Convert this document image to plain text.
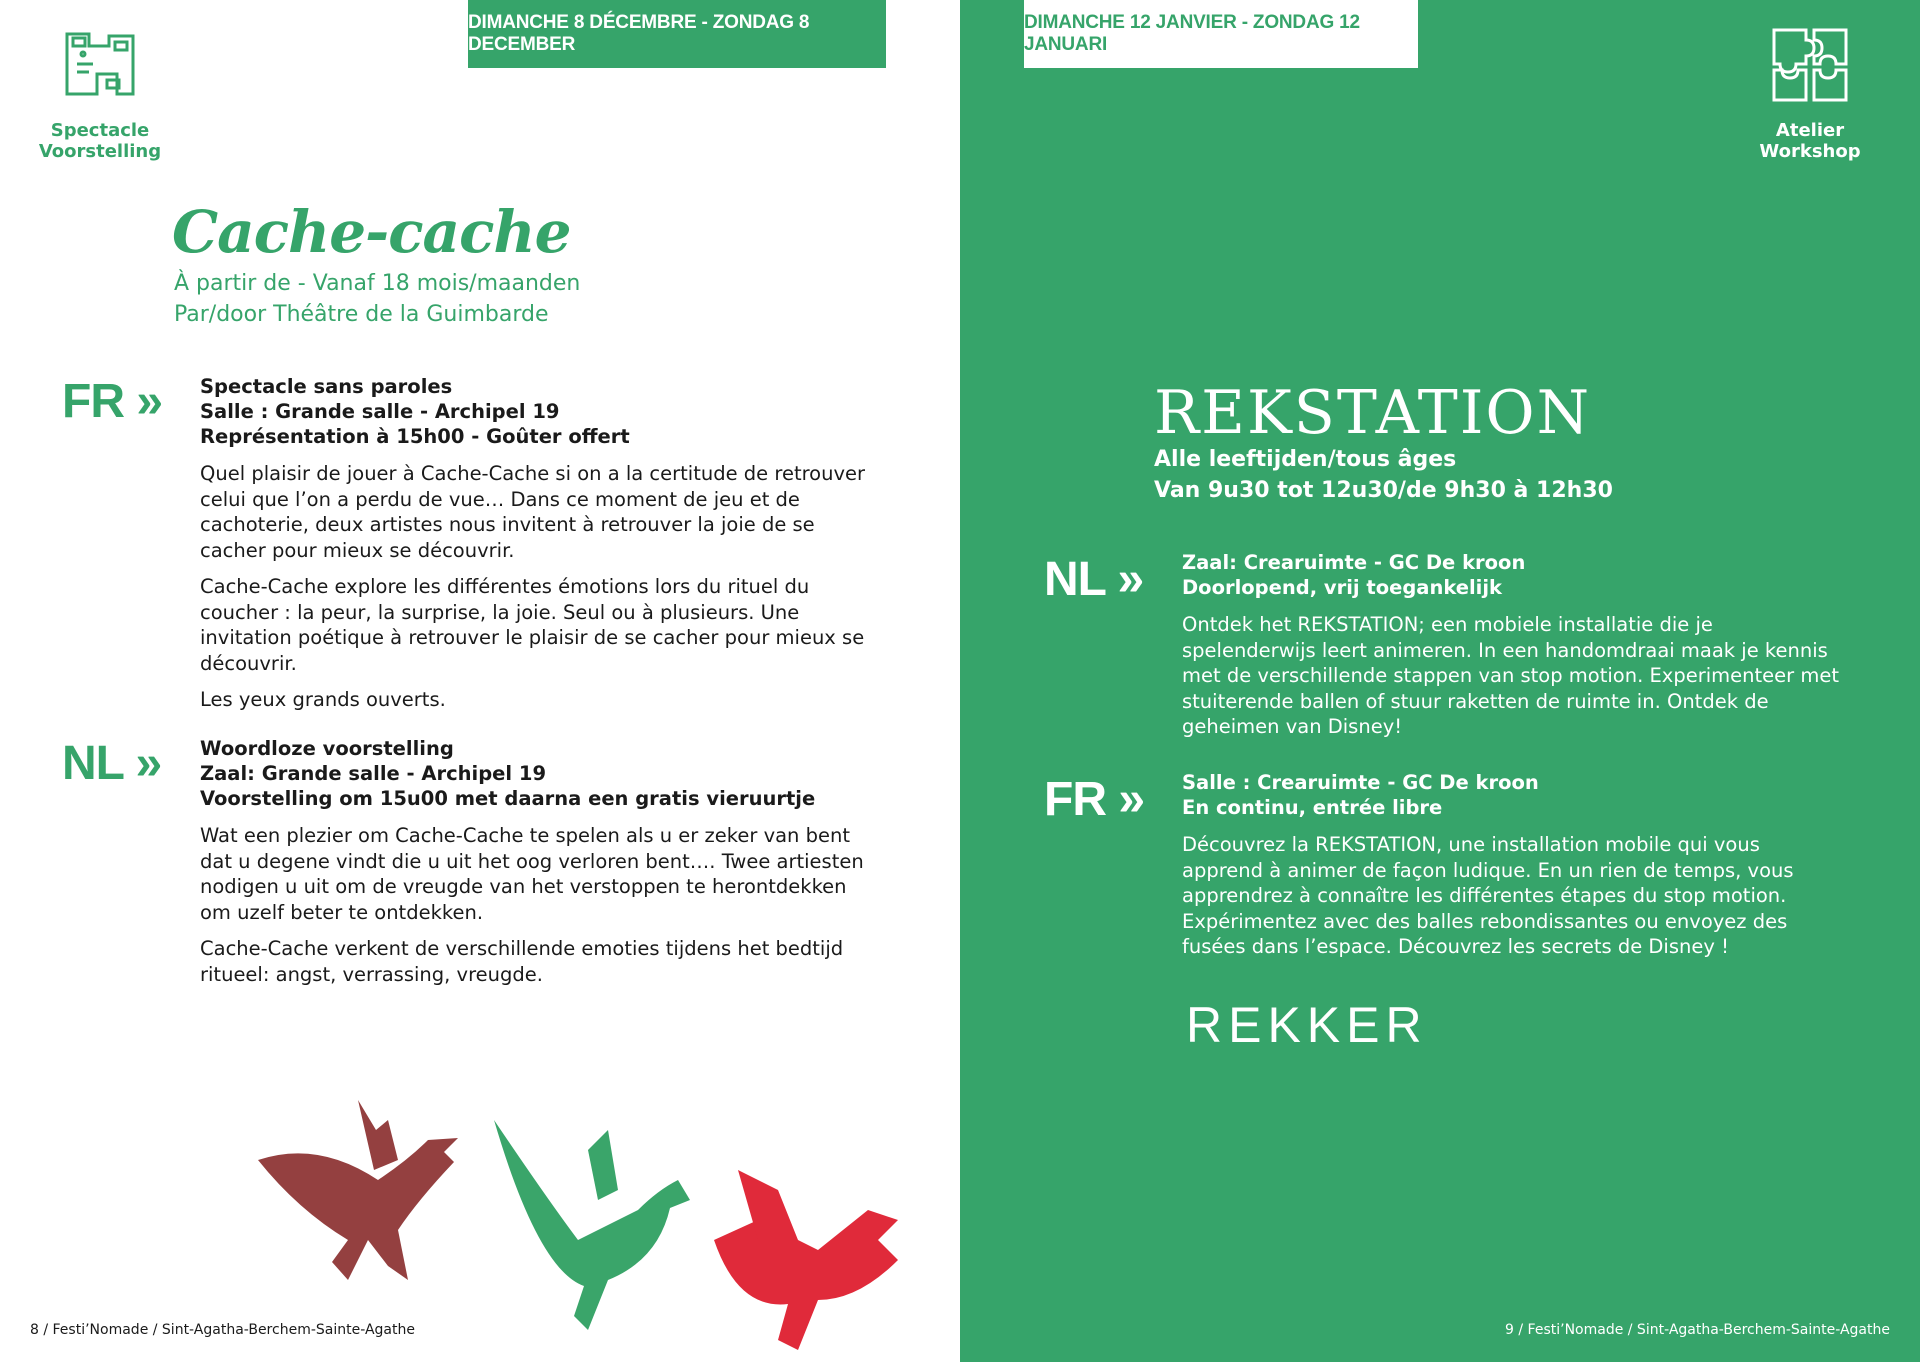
DIMANCHE 8 DÉCEMBRE - ZONDAG 8 DECEMBER
Spectacle
Voorstelling
Cache-cache
À partir de - Vanaf 18 mois/maanden
Par/door Théâtre de la Guimbarde
FR » Spectacle sans paroles
Salle : Grande salle - Archipel 19
Représentation à 15h00 - Goûter offert

Quel plaisir de jouer à Cache-Cache si on a la certitude de retrouver celui que l’on a perdu de vue… Dans ce moment de jeu et de cachoterie, deux artistes nous invitent à retrouver la joie de se cacher pour mieux se découvrir.

Cache-Cache explore les différentes émotions lors du rituel du coucher : la peur, la surprise, la joie. Seul ou à plusieurs. Une invitation poétique à retrouver le plaisir de se cacher pour mieux se découvrir.

Les yeux grands ouverts.

NL » Woordloze voorstelling
Zaal: Grande salle - Archipel 19
Voorstelling om 15u00 met daarna een gratis vieruurtje

Wat een plezier om Cache-Cache te spelen als u er zeker van bent dat u degene vindt die u uit het oog verloren bent…. Twee artiesten nodigen u uit om de vreugde van het verstoppen te herontdekken om uzelf beter te ontdekken.

Cache-Cache verkent de verschillende emoties tijdens het bedtijd ritueel: angst, verrassing, vreugde.

8 / Festi’Nomade / Sint-Agatha-Berchem-Sainte-Agathe
DIMANCHE 12 JANVIER - ZONDAG 12 JANUARI
Atelier
Workshop
REKSTATION
Alle leeftijden/tous âges
Van 9u30 tot 12u30/de 9h30 à 12h30
NL » Zaal: Crearuimte - GC De kroon
Doorlopend, vrij toegankelijk

Ontdek het REKSTATION; een mobiele installatie die je spelenderwijs leert animeren. In een handomdraai maak je kennis met de verschillende stappen van stop motion. Experimenteer met stuiterende ballen of stuur raketten de ruimte in. Ontdek de geheimen van Disney!

FR » Salle : Crearuimte - GC De kroon
En continu, entrée libre

Découvrez la REKSTATION, une installation mobile qui vous apprend à animer de façon ludique. En un rien de temps, vous apprendrez à connaître les différentes étapes du stop motion. Expérimentez avec des balles rebondissantes ou envoyez des fusées dans l’espace. Découvrez les secrets de Disney !

REKKER
9 / Festi’Nomade / Sint-Agatha-Berchem-Sainte-Agathe
